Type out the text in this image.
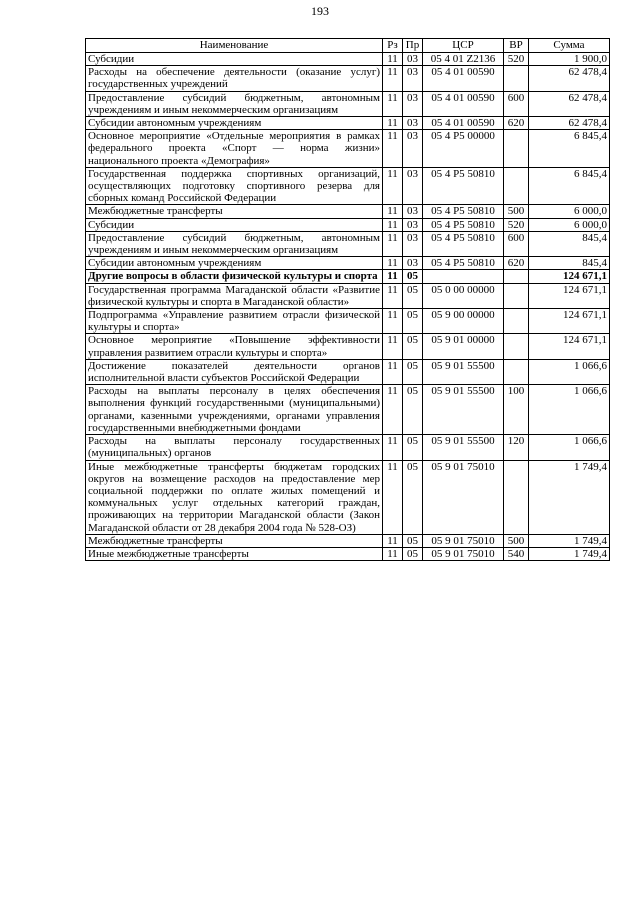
193
Наименование	Рз	Пр	ЦСР	ВР	Сумма
Субсидии	11	03	05 4 01 Z2136	520	1 900,0
Расходы на обеспечение деятельности (оказание услуг) государственных учреждений	11	03	05 4 01 00590		62 478,4
Предоставление субсидий бюджетным, автономным учреждениям и иным некоммерческим организациям	11	03	05 4 01 00590	600	62 478,4
Субсидии автономным учреждениям	11	03	05 4 01 00590	620	62 478,4
Основное мероприятие «Отдельные мероприятия в рамках федерального проекта «Спорт — норма жизни» национального проекта «Демография»	11	03	05 4 P5 00000		6 845,4
Государственная поддержка спортивных организаций, осуществляющих подготовку спортивного резерва для сборных команд Российской Федерации	11	03	05 4 P5 50810		6 845,4
Межбюджетные трансферты	11	03	05 4 P5 50810	500	6 000,0
Субсидии	11	03	05 4 P5 50810	520	6 000,0
Предоставление субсидий бюджетным, автономным учреждениям и иным некоммерческим организациям	11	03	05 4 P5 50810	600	845,4
Субсидии автономным учреждениям	11	03	05 4 P5 50810	620	845,4
Другие вопросы в области физической культуры и спорта	11	05			124 671,1
Государственная программа Магаданской области «Развитие физической культуры и спорта в Магаданской области»	11	05	05 0 00 00000		124 671,1
Подпрограмма «Управление развитием отрасли физической культуры и спорта»	11	05	05 9 00 00000		124 671,1
Основное мероприятие «Повышение эффективности управления развитием отрасли культуры и спорта»	11	05	05 9 01 00000		124 671,1
Достижение показателей деятельности органов исполнительной власти субъектов Российской Федерации	11	05	05 9 01 55500		1 066,6
Расходы на выплаты персоналу в целях обеспечения выполнения функций государственными (муниципальными) органами, казенными учреждениями, органами управления государственными внебюджетными фондами	11	05	05 9 01 55500	100	1 066,6
Расходы на выплаты персоналу государственных (муниципальных) органов	11	05	05 9 01 55500	120	1 066,6
Иные межбюджетные трансферты бюджетам городских округов на возмещение расходов на предоставление мер социальной поддержки по оплате жилых помещений и коммунальных услуг отдельных категорий граждан, проживающих на территории Магаданской области (Закон Магаданской области от 28 декабря 2004 года № 528-ОЗ)	11	05	05 9 01 75010		1 749,4
Межбюджетные трансферты	11	05	05 9 01 75010	500	1 749,4
Иные межбюджетные трансферты	11	05	05 9 01 75010	540	1 749,4
